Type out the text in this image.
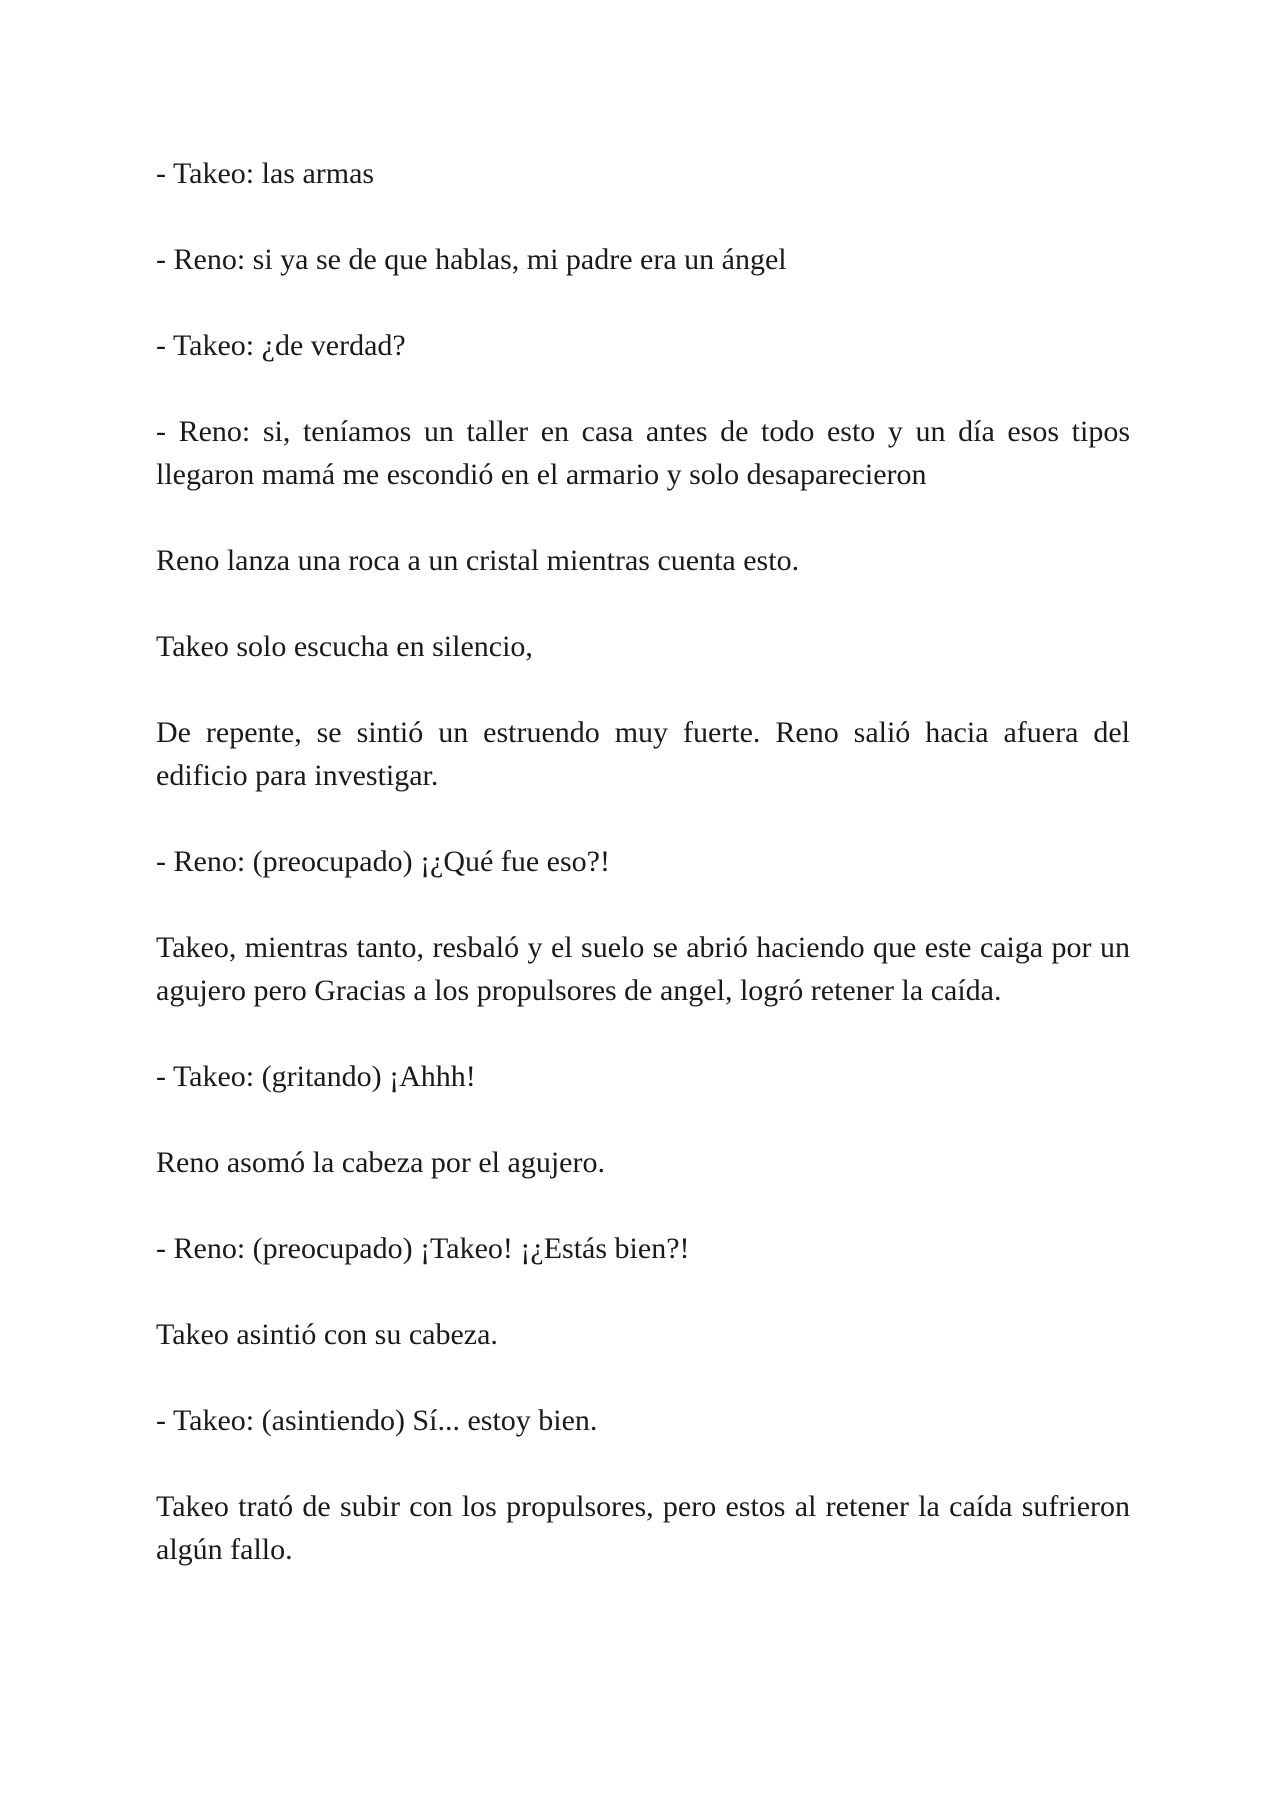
- Takeo: las armas

- Reno: si ya se de que hablas, mi padre era un ángel

- Takeo: ¿de verdad?

- Reno: si, teníamos un taller en casa antes de todo esto y un día esos tipos llegaron mamá me escondió en el armario y solo desaparecieron

Reno lanza una roca a un cristal mientras cuenta esto.

Takeo solo escucha en silencio,

De repente, se sintió un estruendo muy fuerte. Reno salió hacia afuera del edificio para investigar.

- Reno: (preocupado) ¡¿Qué fue eso?!

Takeo, mientras tanto, resbaló y el suelo se abrió haciendo que este caiga por un agujero pero Gracias a los propulsores de angel, logró retener la caída.

- Takeo: (gritando) ¡Ahhh!

Reno asomó la cabeza por el agujero.

- Reno: (preocupado) ¡Takeo! ¡¿Estás bien?!

Takeo asintió con su cabeza.

- Takeo: (asintiendo) Sí... estoy bien.

Takeo trató de subir con los propulsores, pero estos al retener la caída sufrieron algún fallo.
